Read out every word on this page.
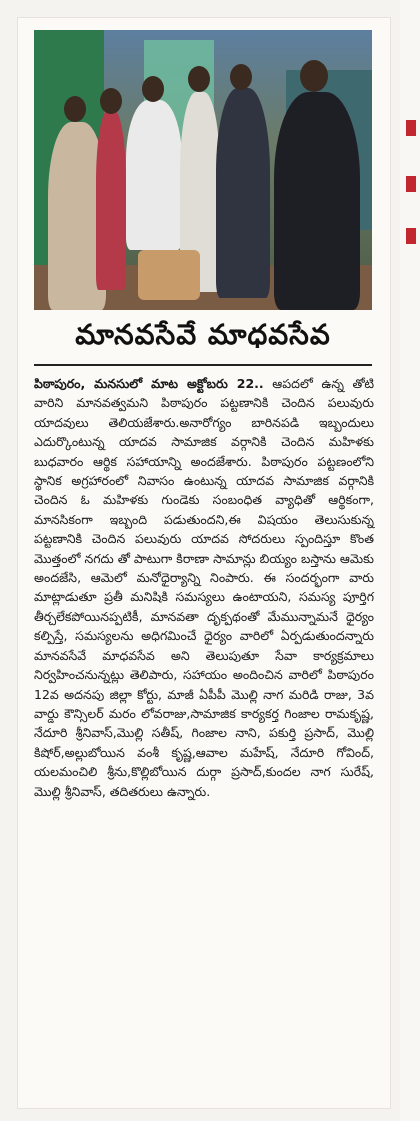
మానవసేవే మాధవసేవ
పిఠాపురం, మనసులో మాట అక్టోబరు 22.. ఆపదలో ఉన్న తోటి వారిని మానవత్వమని పిఠాపురం పట్టణానికి చెందిన పలువురు యాదవులు తెలియజేశారు.అనారోగ్యం బారినపడి ఇబ్బందులు ఎదుర్కొంటున్న యాదవ సామాజిక వర్గానికి చెందిన మహిళకు బుధవారం ఆర్థిక సహాయాన్ని అందజేశారు. పిఠాపురం పట్టణంలోని స్థానిక అగ్రహారంలో నివాసం ఉంటున్న యాదవ సామాజిక వర్గానికి చెందిన ఓ మహిళకు గుండెకు సంబంధిత వ్యాధితో ఆర్థికంగా, మానసికంగా ఇబ్బంది పడుతుందని,ఈ విషయం తెలుసుకున్న పట్టణానికి చెందిన పలువురు యాదవ సోదరులు స్పందిస్తూ కొంత మొత్తంలో నగదు తో పాటుగా కిరాణా సామాన్లు బియ్యం బస్తాను ఆమెకు అందజేసి, ఆమెలో మనోధైర్యాన్ని నింపారు. ఈ సందర్భంగా వారు మాట్లాడుతూ ప్రతీ మనిషికి సమస్యలు ఉంటాయని, సమస్య పూర్తిగ తీర్చలేకపోయినప్పటికీ, మానవతా దృక్పథంతో మేమున్నామనే ధైర్యం కల్పిస్తే, సమస్యలను అధిగమించే ధైర్యం వారిలో ఏర్పడుతుందన్నారు మానవసేవే మాధవసేవ అని తెలుపుతూ సేవా కార్యక్రమాలు నిర్వహించనున్నట్లు తెలిపారు, సహాయం అందించిన వారిలో పిఠాపురం 12వ అదనపు జిల్లా కోర్టు, మాజీ ఏపీపీ మొల్లి నాగ మరిడి రాజు, 3వ వార్డు కౌన్సిలర్ మరం లోవరాజు,సామాజిక కార్యకర్త గింజాల రామకృష్ణ, నేదూరి శ్రీనివాస్,మొల్లి సతీష్, గింజాల నాని, పకుర్తి ప్రసాద్, మొల్లి కిషోర్,అల్లుబోయిన వంశీ కృష్ణ,ఆవాల మహేష్, నేదూరి గోవింద్, యలమంచిలి శ్రీను,కొల్లిబోయిన దుర్గా ప్రసాద్,కుందల నాగ సురేష్, మొల్లి శ్రీనివాస్, తదితరులు ఉన్నారు.
